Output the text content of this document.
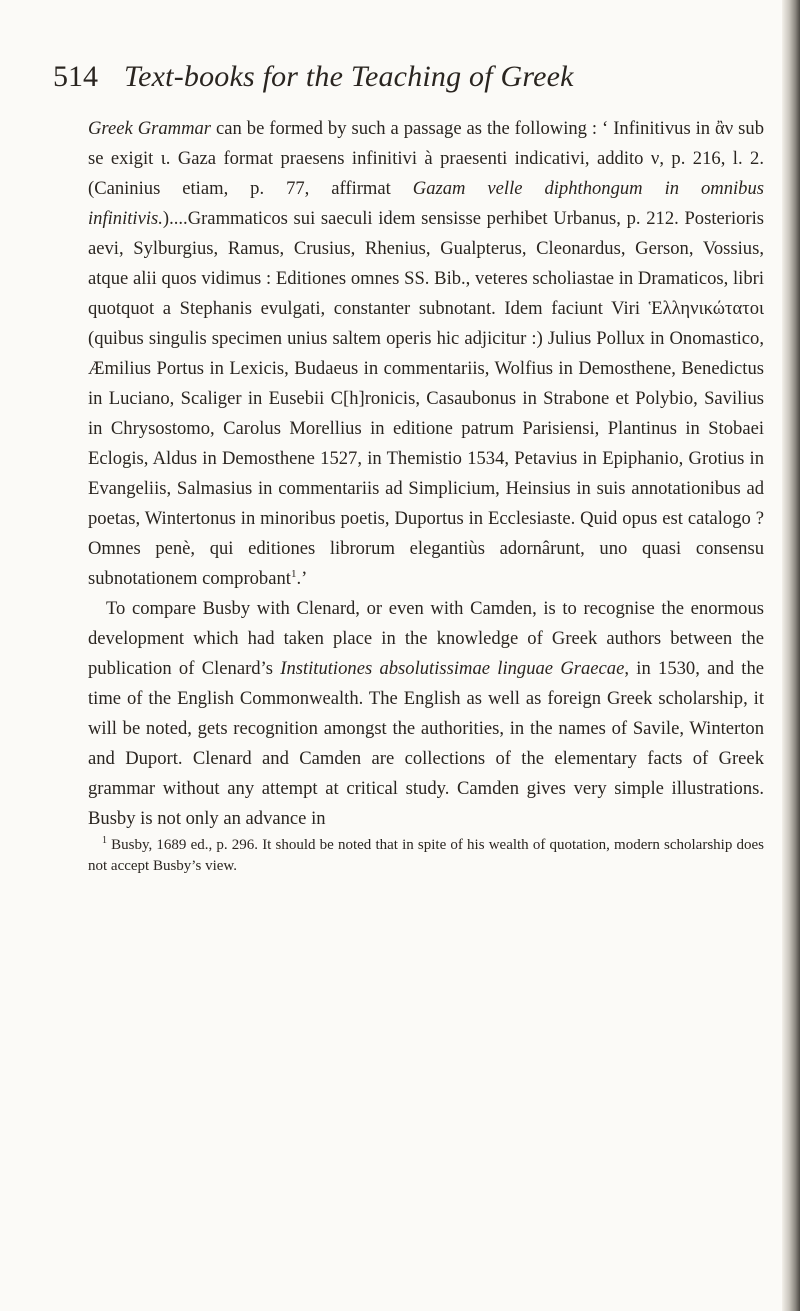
514 Text-books for the Teaching of Greek

Greek Grammar can be formed by such a passage as the following : ‘ Infinitivus in ἂν sub se exigit ι. Gaza format praesens infinitivi à praesenti indicativi, addito ν, p. 216, l. 2. (Caninius etiam, p. 77, affirmat Gazam velle diphthongum in omnibus infinitivis.)....Grammaticos sui saeculi idem sensisse perhibet Urbanus, p. 212. Posterioris aevi, Sylburgius, Ramus, Crusius, Rhenius, Gualpterus, Cleonardus, Gerson, Vossius, atque alii quos vidimus : Editiones omnes SS. Bib., veteres scholiastae in Dramaticos, libri quotquot a Stephanis evulgati, constanter subnotant. Idem faciunt Viri Ἑλληνικώτατοι (quibus singulis specimen unius saltem operis hic adjicitur :) Julius Pollux in Onomastico, Æmilius Portus in Lexicis, Budaeus in commentariis, Wolfius in Demosthene, Benedictus in Luciano, Scaliger in Eusebii C[h]ronicis, Casaubonus in Strabone et Polybio, Savilius in Chrysostomo, Carolus Morellius in editione patrum Parisiensi, Plantinus in Stobaei Eclogis, Aldus in Demosthene 1527, in Themistio 1534, Petavius in Epiphanio, Grotius in Evangeliis, Salmasius in commentariis ad Simplicium, Heinsius in suis annotationibus ad poetas, Wintertonus in minoribus poetis, Duportus in Ecclesiaste. Quid opus est catalogo ? Omnes penè, qui editiones librorum elegantiùs adornârunt, uno quasi consensu subnotationem comprobant$^1$.’

To compare Busby with Clenard, or even with Camden, is to recognise the enormous development which had taken place in the knowledge of Greek authors between the publication of Clenard’s Institutiones absolutissimae linguae Graecae, in 1530, and the time of the English Commonwealth. The English as well as foreign Greek scholarship, it will be noted, gets recognition amongst the authorities, in the names of Savile, Winterton and Duport. Clenard and Camden are collections of the elementary facts of Greek grammar without any attempt at critical study. Camden gives very simple illustrations. Busby is not only an advance in

$^1$ Busby, 1689 ed., p. 296. It should be noted that in spite of his wealth of quotation, modern scholarship does not accept Busby’s view.
